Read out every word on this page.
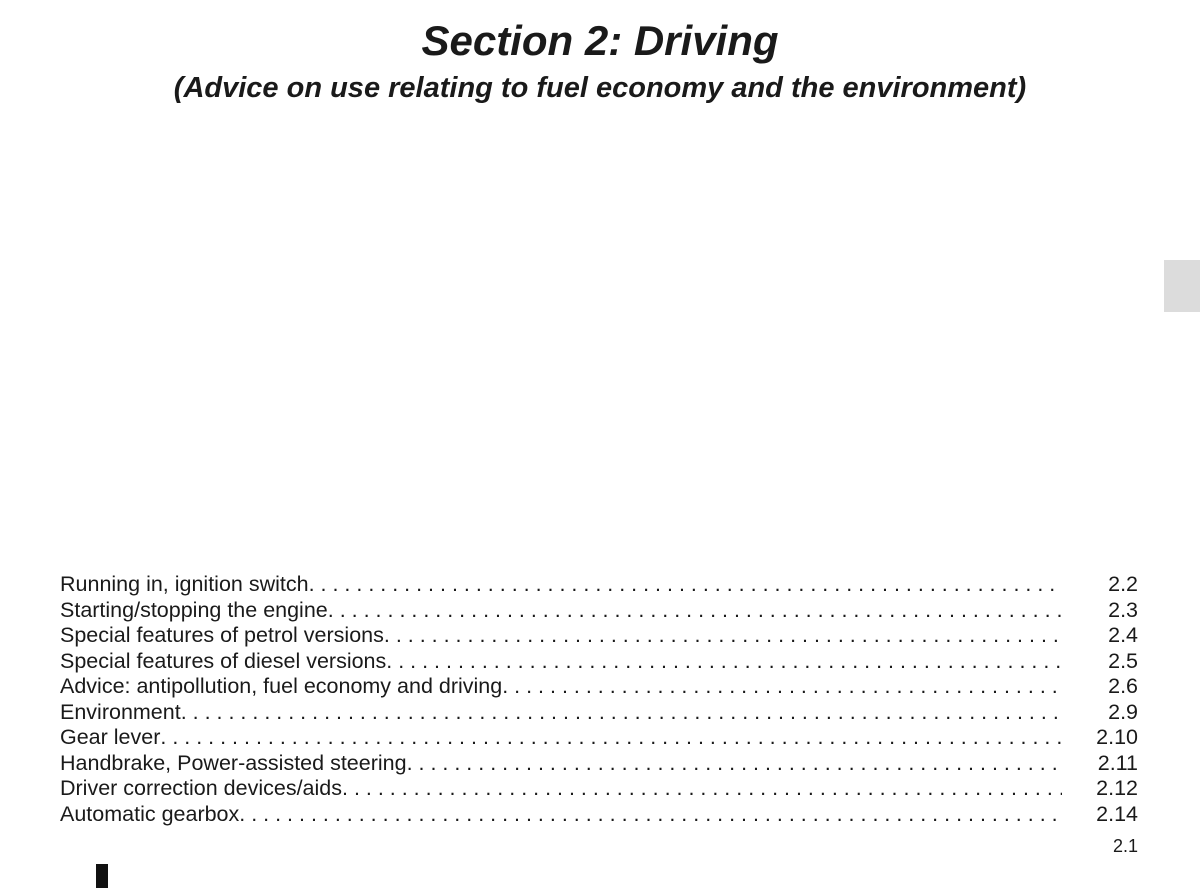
Section 2: Driving
(Advice on use relating to fuel economy and the environment)
Running in, ignition switch . . .	2.2
Starting/stopping the engine . . .	2.3
Special features of petrol versions . . .	2.4
Special features of diesel versions . . .	2.5
Advice: antipollution, fuel economy and driving . . .	2.6
Environment . . .	2.9
Gear lever . . .	2.10
Handbrake, Power-assisted steering . . .	2.11
Driver correction devices/aids . . .	2.12
Automatic gearbox . . .	2.14
2.1
